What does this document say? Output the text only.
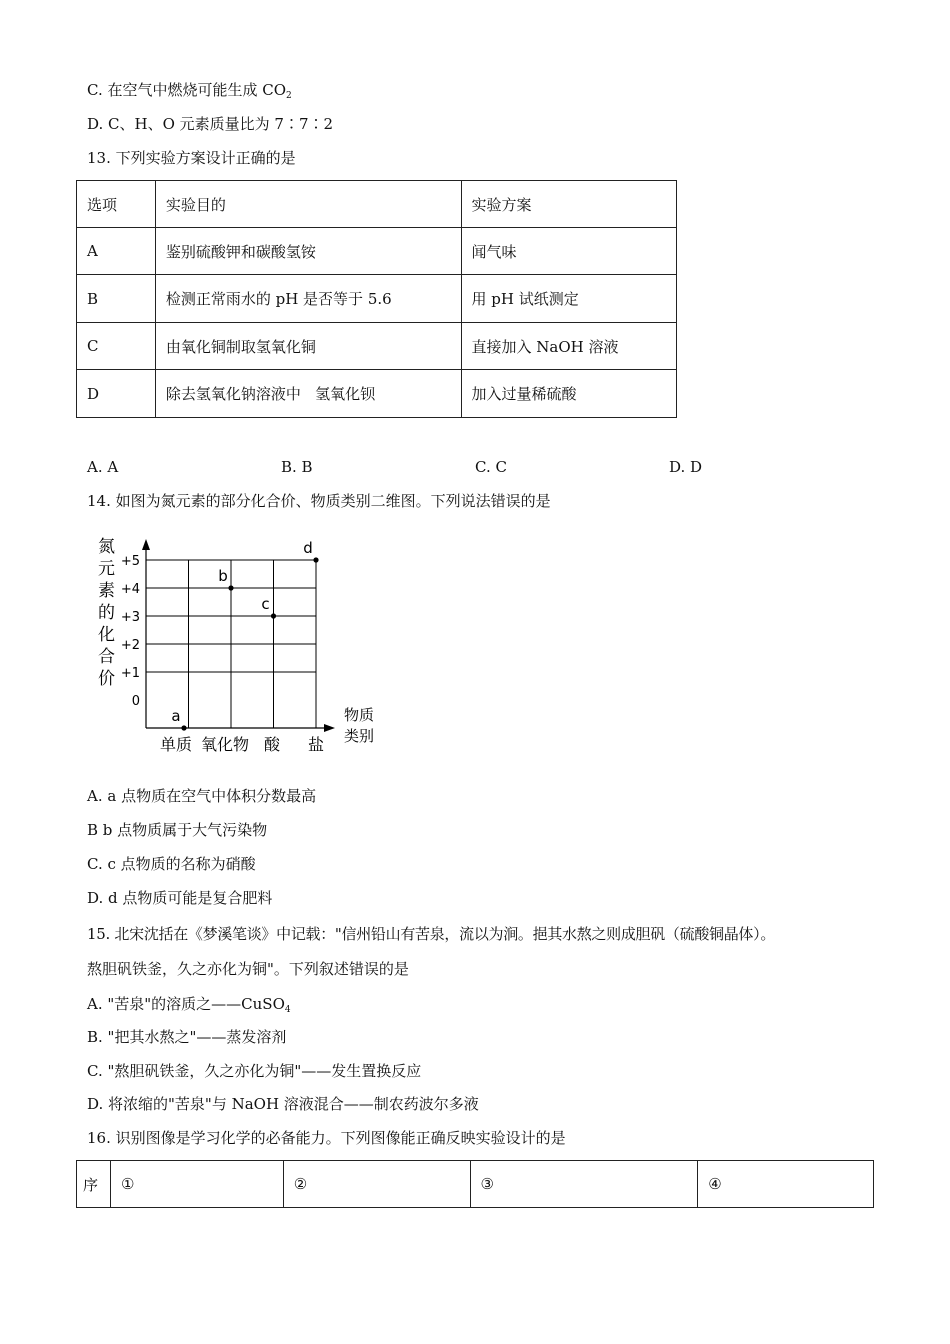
C. 在空气中燃烧可能生成 $CO_2$
D. C、H、O 元素质量比为 7∶7∶2
13. 下列实验方案设计正确的是
选项	实验目的	实验方案
A	鉴别硫酸钾和碳酸氢铵	闻气味
B	检测正常雨水的 pH 是否等于 5.6	用 pH 试纸测定
C	由氧化铜制取氢氧化铜	直接加入 NaOH 溶液
D	除去氢氧化钠溶液中   氢氧化钡	加入过量稀硫酸
A. A	B. B	C. C	D. D
14. 如图为氮元素的部分化合价、物质类别二维图。下列说法错误的是
氮
元
素
的
化
合
价
0
+1
+2
+3
+4
+5
单质 氧化物 酸 盐
a
b
c
d
物质
类别
A. a 点物质在空气中体积分数最高
B b 点物质属于大气污染物
C. c 点物质的名称为硝酸
D. d 点物质可能是复合肥料
15. 北宋沈括在《梦溪笔谈》中记载："信州铅山有苦泉，流以为涧。挹其水熬之则成胆矾（硫酸铜晶体）。
熬胆矾铁釜，久之亦化为铜"。下列叙述错误的是
A. "苦泉"的溶质之——CuSO$_4$
B. "把其水熬之"——蒸发溶剂
C. "熬胆矾铁釜，久之亦化为铜"——发生置换反应
D. 将浓缩的"苦泉"与 NaOH 溶液混合——制农药波尔多液
16. 识别图像是学习化学的必备能力。下列图像能正确反映实验设计的是
序	①	②	③	④
